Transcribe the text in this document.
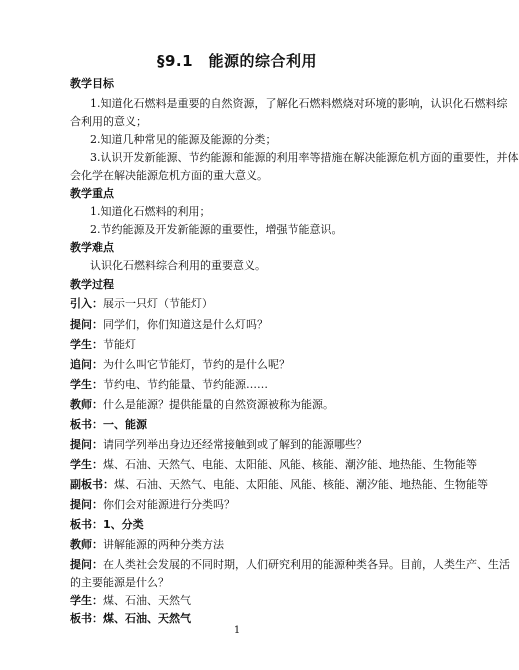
§9.1　能源的综合利用
教学目标
1.知道化石燃料是重要的自然资源，了解化石燃料燃烧对环境的影响，认识化石燃料综
合利用的意义；
2.知道几种常见的能源及能源的分类；
3.认识开发新能源、节约能源和能源的利用率等措施在解决能源危机方面的重要性，并体
会化学在解决能源危机方面的重大意义。
教学重点
1.知道化石燃料的利用；
2.节约能源及开发新能源的重要性，增强节能意识。
教学难点
认识化石燃料综合利用的重要意义。
教学过程
引入：展示一只灯（节能灯）
提问：同学们，你们知道这是什么灯吗？
学生：节能灯
追问：为什么叫它节能灯，节约的是什么呢？
学生：节约电、节约能量、节约能源……
教师：什么是能源？提供能量的自然资源被称为能源。
板书：一、能源
提问：请同学列举出身边还经常接触到或了解到的能源哪些？
学生：煤、石油、天然气、电能、太阳能、风能、核能、潮汐能、地热能、生物能等
副板书：煤、石油、天然气、电能、太阳能、风能、核能、潮汐能、地热能、生物能等
提问：你们会对能源进行分类吗？
板书：1、分类
教师：讲解能源的两种分类方法
提问：在人类社会发展的不同时期，人们研究利用的能源种类各异。目前，人类生产、生活
的主要能源是什么？
学生：煤、石油、天然气
板书：煤、石油、天然气
1
